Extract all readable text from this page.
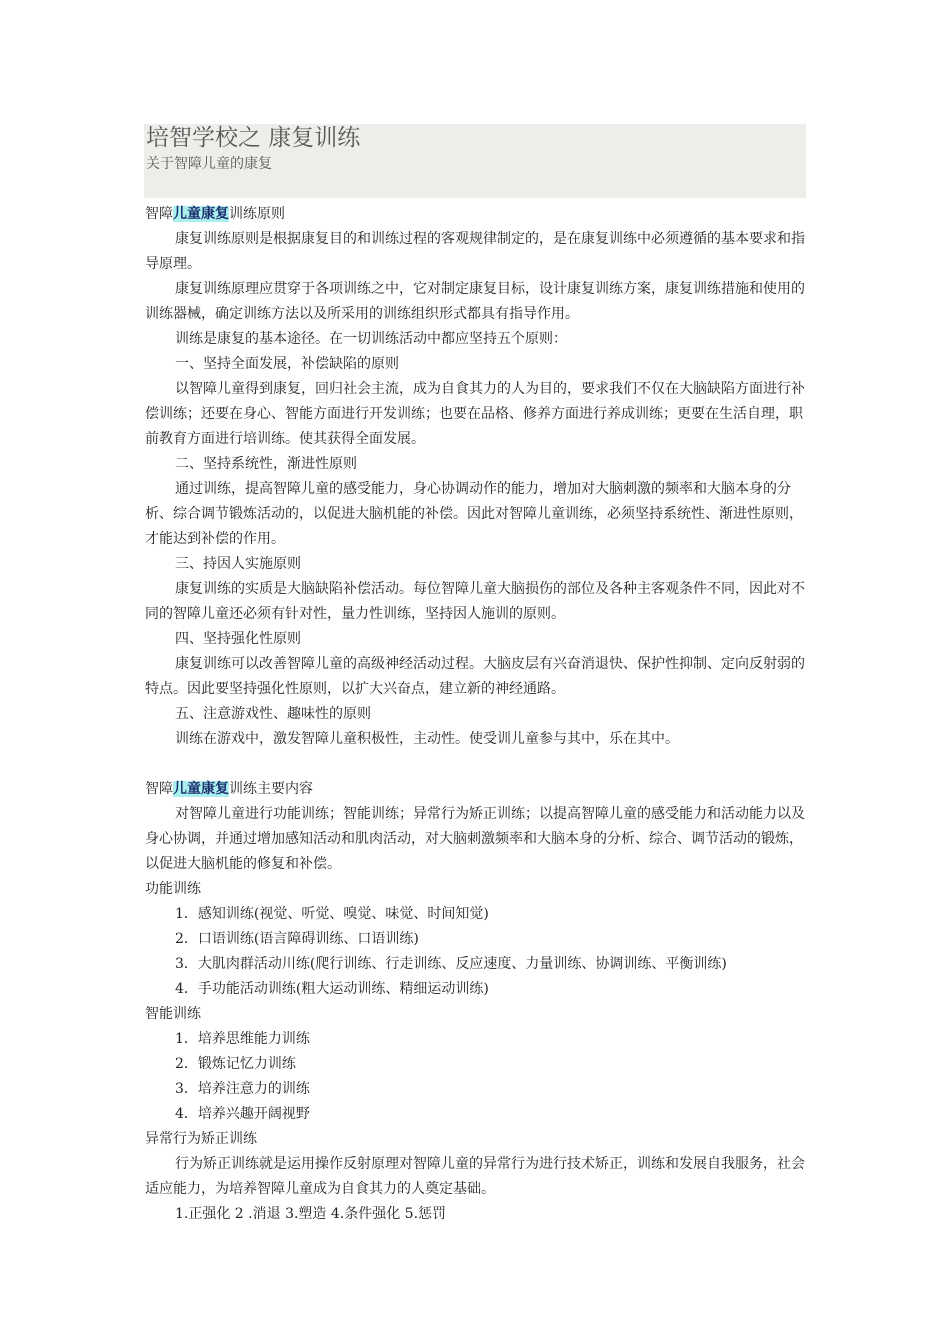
培智学校之 康复训练
关于智障儿童的康复

智障儿童康复训练原则

康复训练原则是根据康复目的和训练过程的客观规律制定的，是在康复训练中必须遵循的基本要求和指导原理。

康复训练原理应贯穿于各项训练之中，它对制定康复目标，设计康复训练方案，康复训练措施和使用的训练器械，确定训练方法以及所采用的训练组织形式都具有指导作用。

训练是康复的基本途径。在一切训练活动中都应坚持五个原则：

一、坚持全面发展，补偿缺陷的原则

以智障儿童得到康复，回归社会主流，成为自食其力的人为目的，要求我们不仅在大脑缺陷方面进行补偿训练；还要在身心、智能方面进行开发训练；也要在品格、修养方面进行养成训练；更要在生活自理，职前教育方面进行培训练。使其获得全面发展。

二、坚持系统性，渐进性原则

通过训练，提高智障儿童的感受能力，身心协调动作的能力，增加对大脑刺激的频率和大脑本身的分析、综合调节锻炼活动的，以促进大脑机能的补偿。因此对智障儿童训练，必须坚持系统性、渐进性原则，才能达到补偿的作用。

三、持因人实施原则

康复训练的实质是大脑缺陷补偿活动。每位智障儿童大脑损伤的部位及各种主客观条件不同，因此对不同的智障儿童还必须有针对性，量力性训练，坚持因人施训的原则。

四、坚持强化性原则

康复训练可以改善智障儿童的高级神经活动过程。大脑皮层有兴奋消退快、保护性抑制、定向反射弱的特点。因此要坚持强化性原则，以扩大兴奋点，建立新的神经通路。

五、注意游戏性、趣味性的原则

训练在游戏中，激发智障儿童积极性，主动性。使受训儿童参与其中，乐在其中。

智障儿童康复训练主要内容

对智障儿童进行功能训练；智能训练；异常行为矫正训练；以提高智障儿童的感受能力和活动能力以及身心协调，并通过增加感知活动和肌肉活动，对大脑刺激频率和大脑本身的分析、综合、调节活动的锻炼，以促进大脑机能的修复和补偿。

功能训练

1．感知训练(视觉、听觉、嗅觉、味觉、时间知觉)

2．口语训练(语言障碍训练、口语训练)

3．大肌肉群活动川练(爬行训练、行走训练、反应速度、力量训练、协调训练、平衡训练)

4．手功能活动训练(粗大运动训练、精细运动训练)

智能训练

1．培养思维能力训练

2．锻炼记忆力训练

3．培养注意力的训练

4．培养兴趣开阔视野

异常行为矫正训练

行为矫正训练就是运用操作反射原理对智障儿童的异常行为进行技术矫正，训练和发展自我服务，社会适应能力，为培养智障儿童成为自食其力的人奠定基础。

1.正强化 2 .消退 3.塑造 4.条件强化 5.惩罚
